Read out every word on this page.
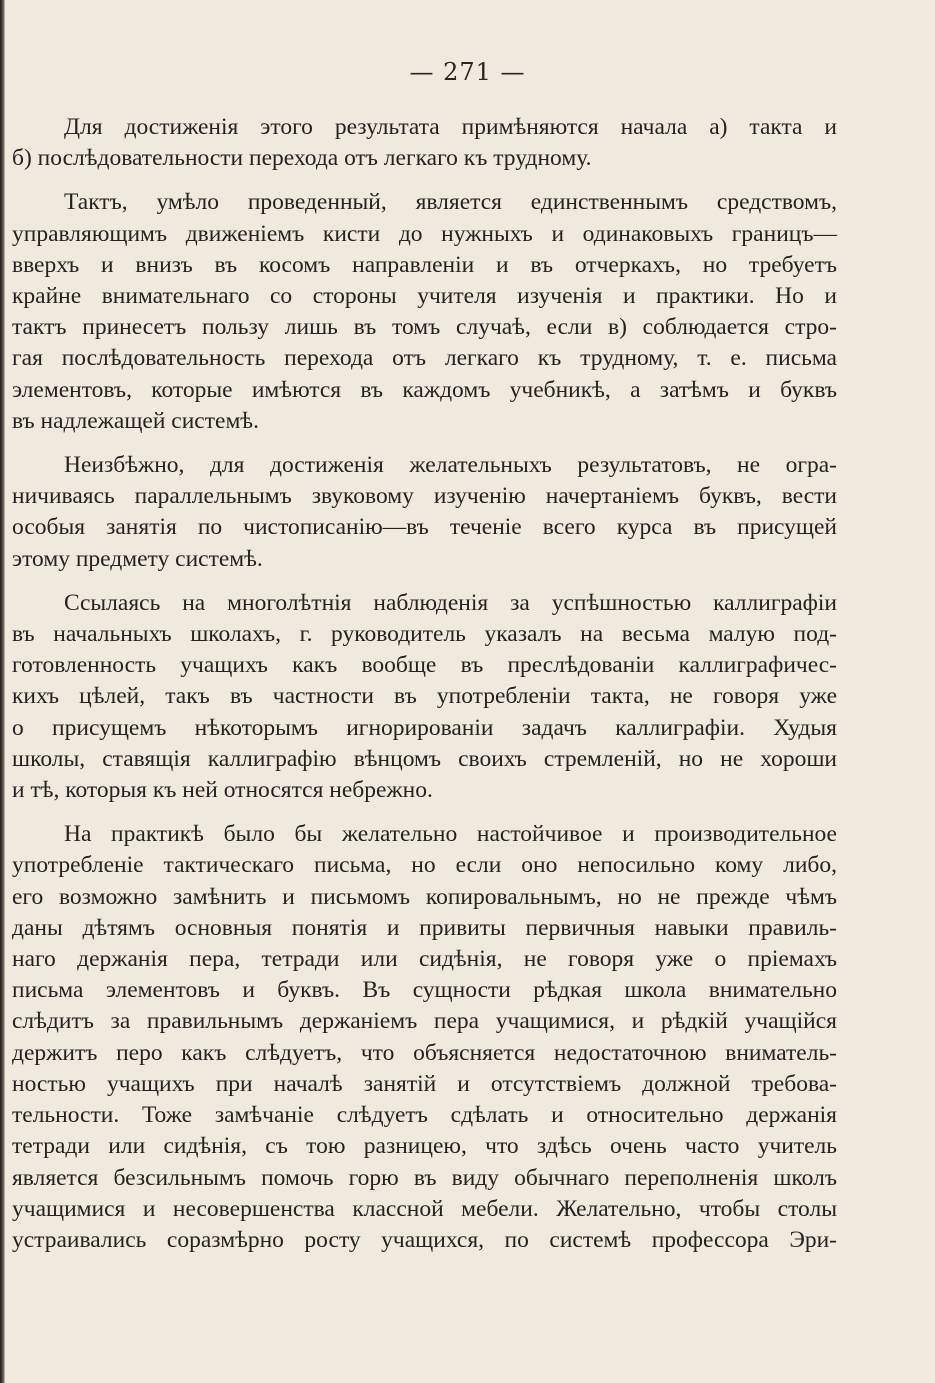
— 271 —
Для достиженія этого результата примѣняются начала а) такта и
б) послѣдовательности перехода отъ легкаго къ трудному.
Тактъ, умѣло проведенный, является единственнымъ средствомъ,
управляющимъ движеніемъ кисти до нужныхъ и одинаковыхъ границъ—
вверхъ и внизъ въ косомъ направленіи и въ отчеркахъ, но требуетъ
крайне внимательнаго со стороны учителя изученія и практики. Но и
тактъ принесетъ пользу лишь въ томъ случаѣ, если в) соблюдается стро-
гая послѣдовательность перехода отъ легкаго къ трудному, т. е. письма
элементовъ, которые имѣются въ каждомъ учебникѣ, а затѣмъ и буквъ
въ надлежащей системѣ.
Неизбѣжно, для достиженія желательныхъ результатовъ, не огра-
ничиваясь параллельнымъ звуковому изученію начертаніемъ буквъ, вести
особыя занятія по чистописанію—въ теченіе всего курса въ присущей
этому предмету системѣ.
Ссылаясь на многолѣтнія наблюденія за успѣшностью каллиграфіи
въ начальныхъ школахъ, г. руководитель указалъ на весьма малую под-
готовленность учащихъ какъ вообще въ преслѣдованіи каллиграфичес-
кихъ цѣлей, такъ въ частности въ употребленіи такта, не говоря уже
о присущемъ нѣкоторымъ игнорированіи задачъ каллиграфіи. Худыя
школы, ставящія каллиграфію вѣнцомъ своихъ стремленій, но не хороши
и тѣ, которыя къ ней относятся небрежно.
На практикѣ было бы желательно настойчивое и производительное
употребленіе тактическаго письма, но если оно непосильно кому либо,
его возможно замѣнить и письмомъ копировальнымъ, но не прежде чѣмъ
даны дѣтямъ основныя понятія и привиты первичныя навыки правиль-
наго держанія пера, тетради или сидѣнія, не говоря уже о пріемахъ
письма элементовъ и буквъ. Въ сущности рѣдкая школа внимательно
слѣдитъ за правильнымъ держаніемъ пера учащимися, и рѣдкій учащійся
держитъ перо какъ слѣдуетъ, что объясняется недостаточною вниматель-
ностью учащихъ при началѣ занятій и отсутствіемъ должной требова-
тельности. Тоже замѣчаніе слѣдуетъ сдѣлать и относительно держанія
тетради или сидѣнія, съ тою разницею, что здѣсь очень часто учитель
является безсильнымъ помочь горю въ виду обычнаго переполненія школъ
учащимися и несовершенства классной мебели. Желательно, чтобы столы
устраивались соразмѣрно росту учащихся, по системѣ профессора Эри-
